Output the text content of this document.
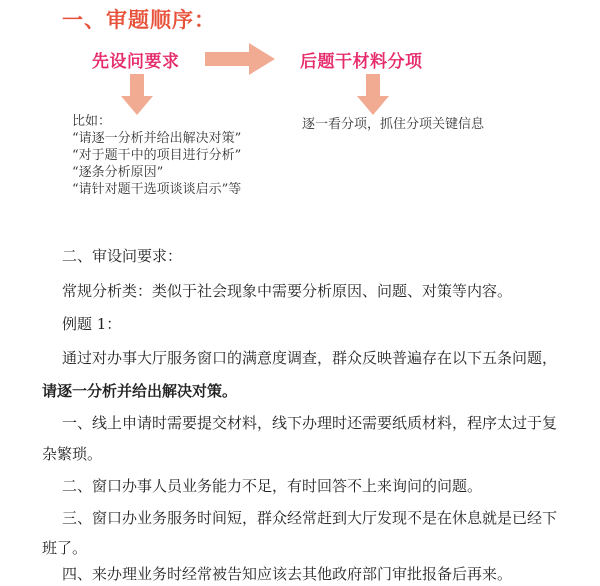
一、审题顺序：
先设问要求	后题干材料分项
比如：
“请逐一分析并给出解决对策”
“对于题干中的项目进行分析”
“逐条分析原因”
“请针对题干选项谈谈启示”等
逐一看分项，抓住分项关键信息
二、审设问要求：
常规分析类：类似于社会现象中需要分析原因、问题、对策等内容。
例题 1：
通过对办事大厅服务窗口的满意度调查，群众反映普遍存在以下五条问题，
请逐一分析并给出解决对策。
一、线上申请时需要提交材料，线下办理时还需要纸质材料，程序太过于复
杂繁琐。
二、窗口办事人员业务能力不足，有时回答不上来询问的问题。
三、窗口办业务服务时间短，群众经常赶到大厅发现不是在休息就是已经下
班了。
四、来办理业务时经常被告知应该去其他政府部门审批报备后再来。
